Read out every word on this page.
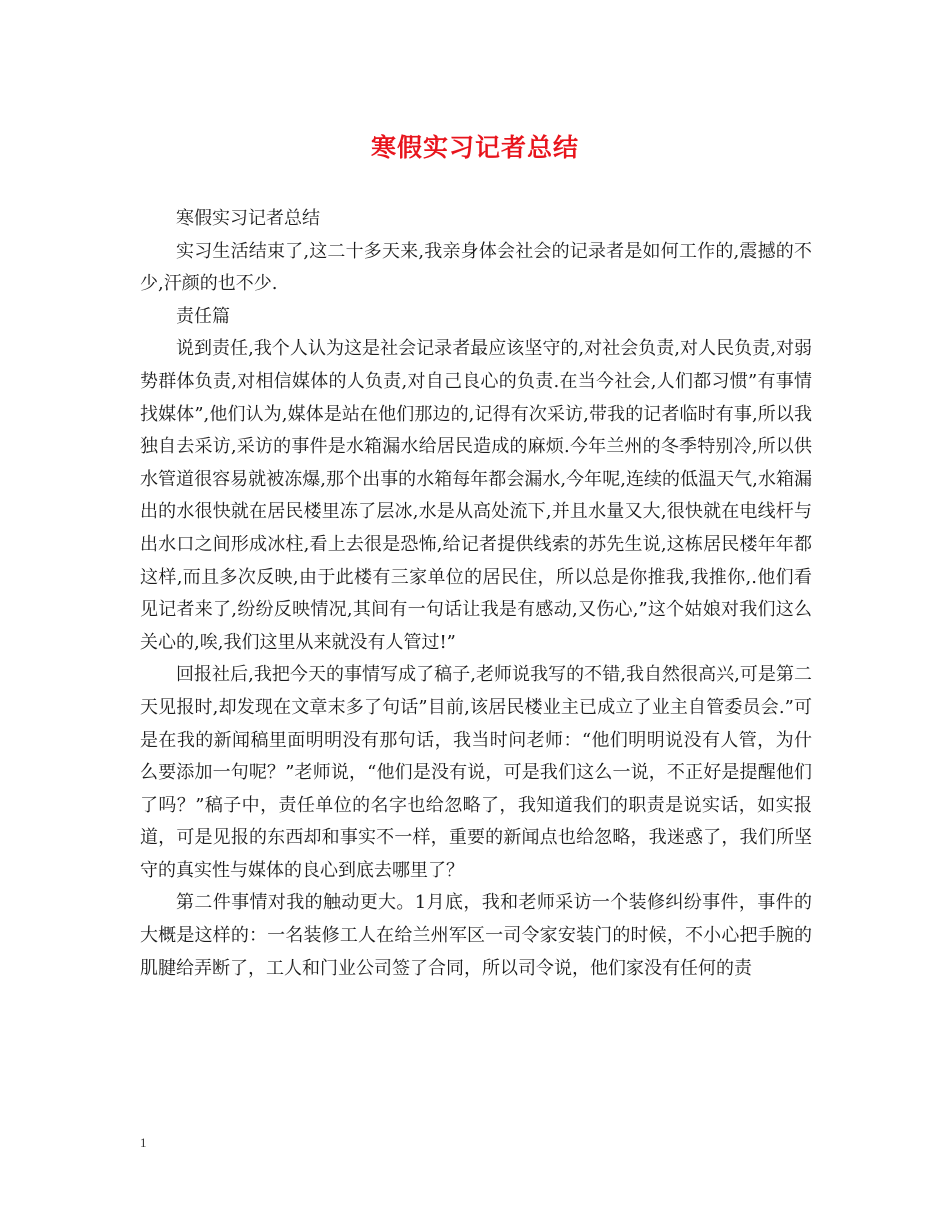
寒假实习记者总结

寒假实习记者总结

实习生活结束了,这二十多天来,我亲身体会社会的记录者是如何工作的,震撼的不少,汗颜的也不少.

责任篇

说到责任,我个人认为这是社会记录者最应该坚守的,对社会负责,对人民负责,对弱势群体负责,对相信媒体的人负责,对自己良心的负责.在当今社会,人们都习惯”有事情找媒体”,他们认为,媒体是站在他们那边的,记得有次采访,带我的记者临时有事,所以我独自去采访,采访的事件是水箱漏水给居民造成的麻烦.今年兰州的冬季特别冷,所以供水管道很容易就被冻爆,那个出事的水箱每年都会漏水,今年呢,连续的低温天气,水箱漏出的水很快就在居民楼里冻了层冰,水是从高处流下,并且水量又大,很快就在电线杆与出水口之间形成冰柱,看上去很是恐怖,给记者提供线索的苏先生说,这栋居民楼年年都这样,而且多次反映,由于此楼有三家单位的居民住，所以总是你推我,我推你,.他们看见记者来了,纷纷反映情况,其间有一句话让我是有感动,又伤心,”这个姑娘对我们这么关心的,唉,我们这里从来就没有人管过!”

回报社后,我把今天的事情写成了稿子,老师说我写的不错,我自然很高兴,可是第二天见报时,却发现在文章末多了句话”目前,该居民楼业主已成立了业主自管委员会.”可是在我的新闻稿里面明明没有那句话，我当时问老师：“他们明明说没有人管，为什么要添加一句呢？”老师说，“他们是没有说，可是我们这么一说，不正好是提醒他们了吗？”稿子中，责任单位的名字也给忽略了，我知道我们的职责是说实话，如实报道，可是见报的东西却和事实不一样，重要的新闻点也给忽略，我迷惑了，我们所坚守的真实性与媒体的良心到底去哪里了？

第二件事情对我的触动更大。1月底，我和老师采访一个装修纠纷事件，事件的大概是这样的：一名装修工人在给兰州军区一司令家安装门的时候，不小心把手腕的肌腱给弄断了，工人和门业公司签了合同，所以司令说，他们家没有任何的责

1
